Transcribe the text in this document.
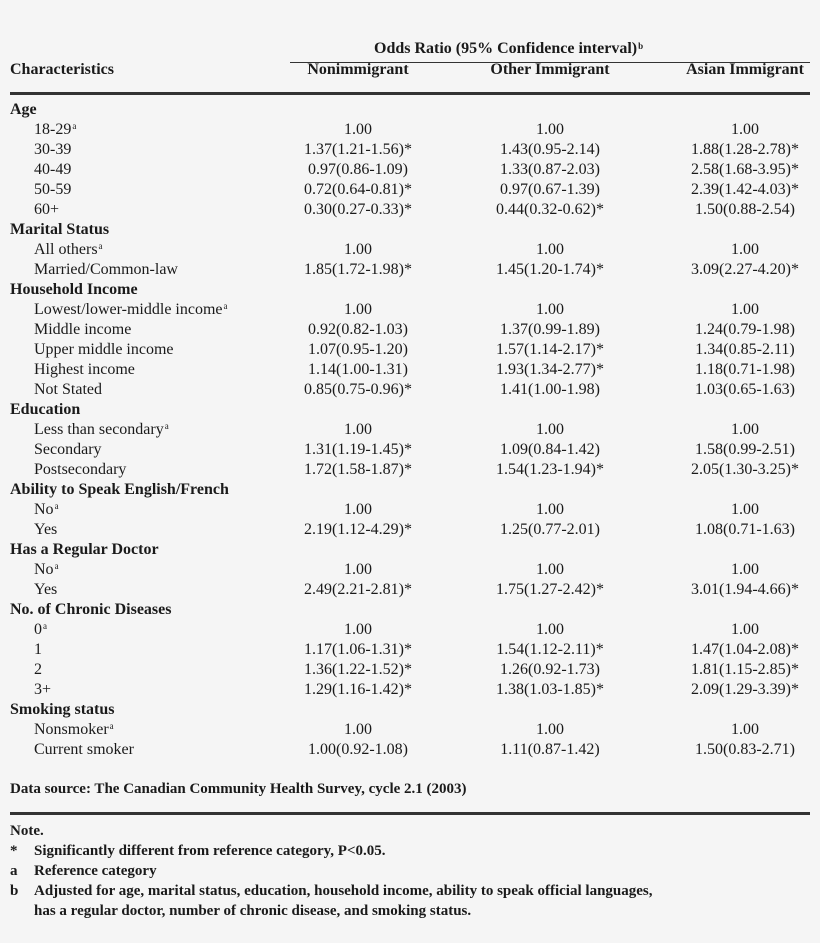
Odds Ratio (95% Confidence interval)$^b$
Characteristics	Nonimmigrant	Other Immigrant	Asian Immigrant
Age
18-29$^a$	1.00	1.00	1.00
30-39	1.37(1.21-1.56)*	1.43(0.95-2.14)	1.88(1.28-2.78)*
40-49	0.97(0.86-1.09)	1.33(0.87-2.03)	2.58(1.68-3.95)*
50-59	0.72(0.64-0.81)*	0.97(0.67-1.39)	2.39(1.42-4.03)*
60+	0.30(0.27-0.33)*	0.44(0.32-0.62)*	1.50(0.88-2.54)
Marital Status
All others$^a$	1.00	1.00	1.00
Married/Common-law	1.85(1.72-1.98)*	1.45(1.20-1.74)*	3.09(2.27-4.20)*
Household Income
Lowest/lower-middle income$^a$	1.00	1.00	1.00
Middle income	0.92(0.82-1.03)	1.37(0.99-1.89)	1.24(0.79-1.98)
Upper middle income	1.07(0.95-1.20)	1.57(1.14-2.17)*	1.34(0.85-2.11)
Highest income	1.14(1.00-1.31)	1.93(1.34-2.77)*	1.18(0.71-1.98)
Not Stated	0.85(0.75-0.96)*	1.41(1.00-1.98)	1.03(0.65-1.63)
Education
Less than secondary$^a$	1.00	1.00	1.00
Secondary	1.31(1.19-1.45)*	1.09(0.84-1.42)	1.58(0.99-2.51)
Postsecondary	1.72(1.58-1.87)*	1.54(1.23-1.94)*	2.05(1.30-3.25)*
Ability to Speak English/French
No$^a$	1.00	1.00	1.00
Yes	2.19(1.12-4.29)*	1.25(0.77-2.01)	1.08(0.71-1.63)
Has a Regular Doctor
No$^a$	1.00	1.00	1.00
Yes	2.49(2.21-2.81)*	1.75(1.27-2.42)*	3.01(1.94-4.66)*
No. of Chronic Diseases
0$^a$	1.00	1.00	1.00
1	1.17(1.06-1.31)*	1.54(1.12-2.11)*	1.47(1.04-2.08)*
2	1.36(1.22-1.52)*	1.26(0.92-1.73)	1.81(1.15-2.85)*
3+	1.29(1.16-1.42)*	1.38(1.03-1.85)*	2.09(1.29-3.39)*
Smoking status
Nonsmoker$^a$	1.00	1.00	1.00
Current smoker	1.00(0.92-1.08)	1.11(0.87-1.42)	1.50(0.83-2.71)
Data source: The Canadian Community Health Survey, cycle 2.1 (2003)
Note.
* Significantly different from reference category, P<0.05.
a Reference category
b Adjusted for age, marital status, education, household income, ability to speak official languages,
has a regular doctor, number of chronic disease, and smoking status.
